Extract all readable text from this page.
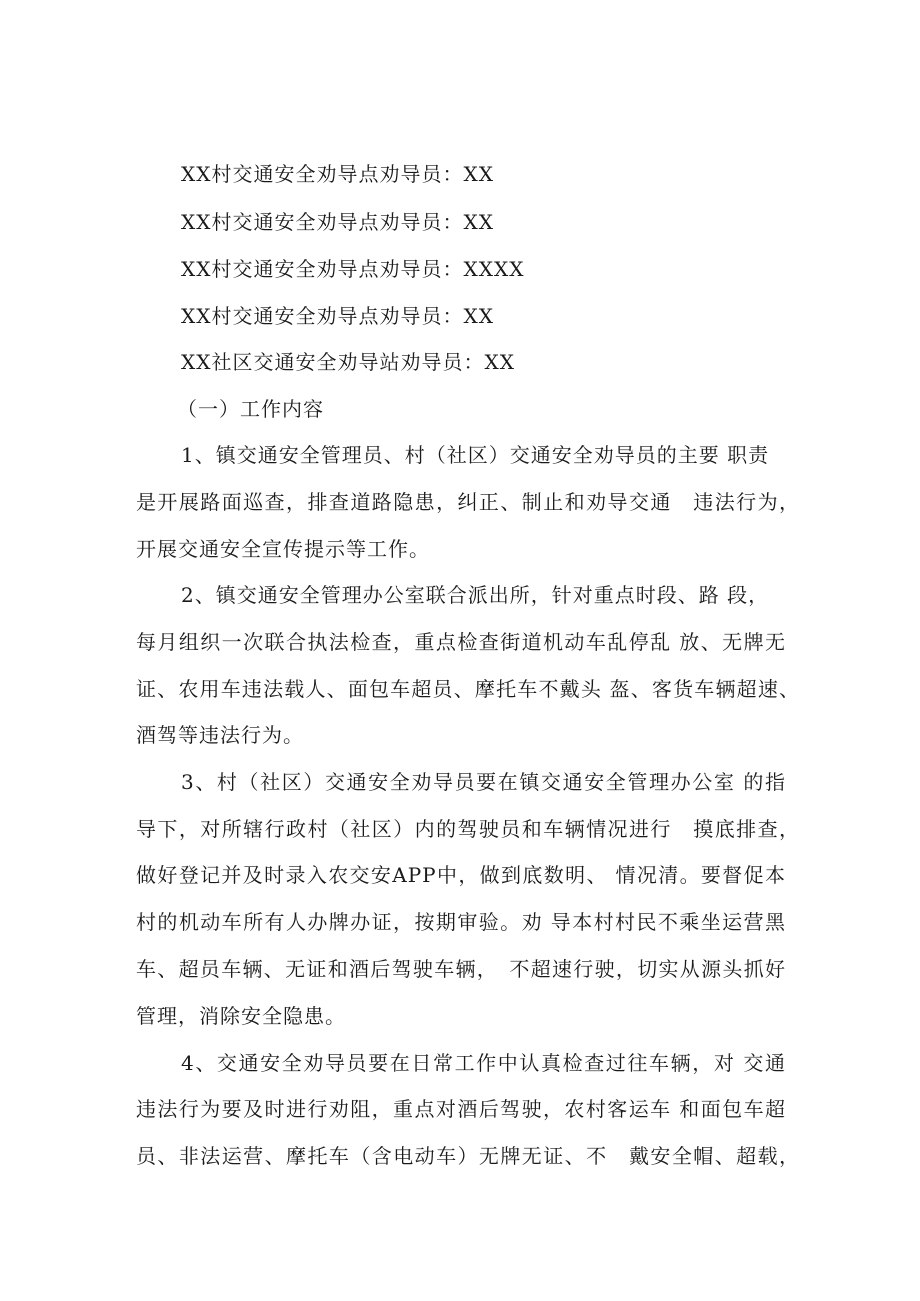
XX村交通安全劝导点劝导员：XX
XX村交通安全劝导点劝导员：XX
XX村交通安全劝导点劝导员：XXXX
XX村交通安全劝导点劝导员：XX
XX社区交通安全劝导站劝导员：XX
（一）工作内容
1、镇交通安全管理员、村（社区）交通安全劝导员的主要 职责
是开展路面巡查，排查道路隐患，纠正、制止和劝导交通　违法行为，
开展交通安全宣传提示等工作。
2、镇交通安全管理办公室联合派出所，针对重点时段、路 段，
每月组织一次联合执法检查，重点检查街道机动车乱停乱 放、无牌无
证、农用车违法载人、面包车超员、摩托车不戴头 盔、客货车辆超速、
酒驾等违法行为。
3、村（社区）交通安全劝导员要在镇交通安全管理办公室 的指
导下，对所辖行政村（社区）内的驾驶员和车辆情况进行　摸底排查，
做好登记并及时录入农交安APP中，做到底数明、 情况清。要督促本
村的机动车所有人办牌办证，按期审验。劝 导本村村民不乘坐运营黑
车、超员车辆、无证和酒后驾驶车辆，　不超速行驶，切实从源头抓好
管理，消除安全隐患。
4、交通安全劝导员要在日常工作中认真检查过往车辆，对 交通
违法行为要及时进行劝阻，重点对酒后驾驶，农村客运车 和面包车超
员、非法运营、摩托车（含电动车）无牌无证、不　戴安全帽、超载，
